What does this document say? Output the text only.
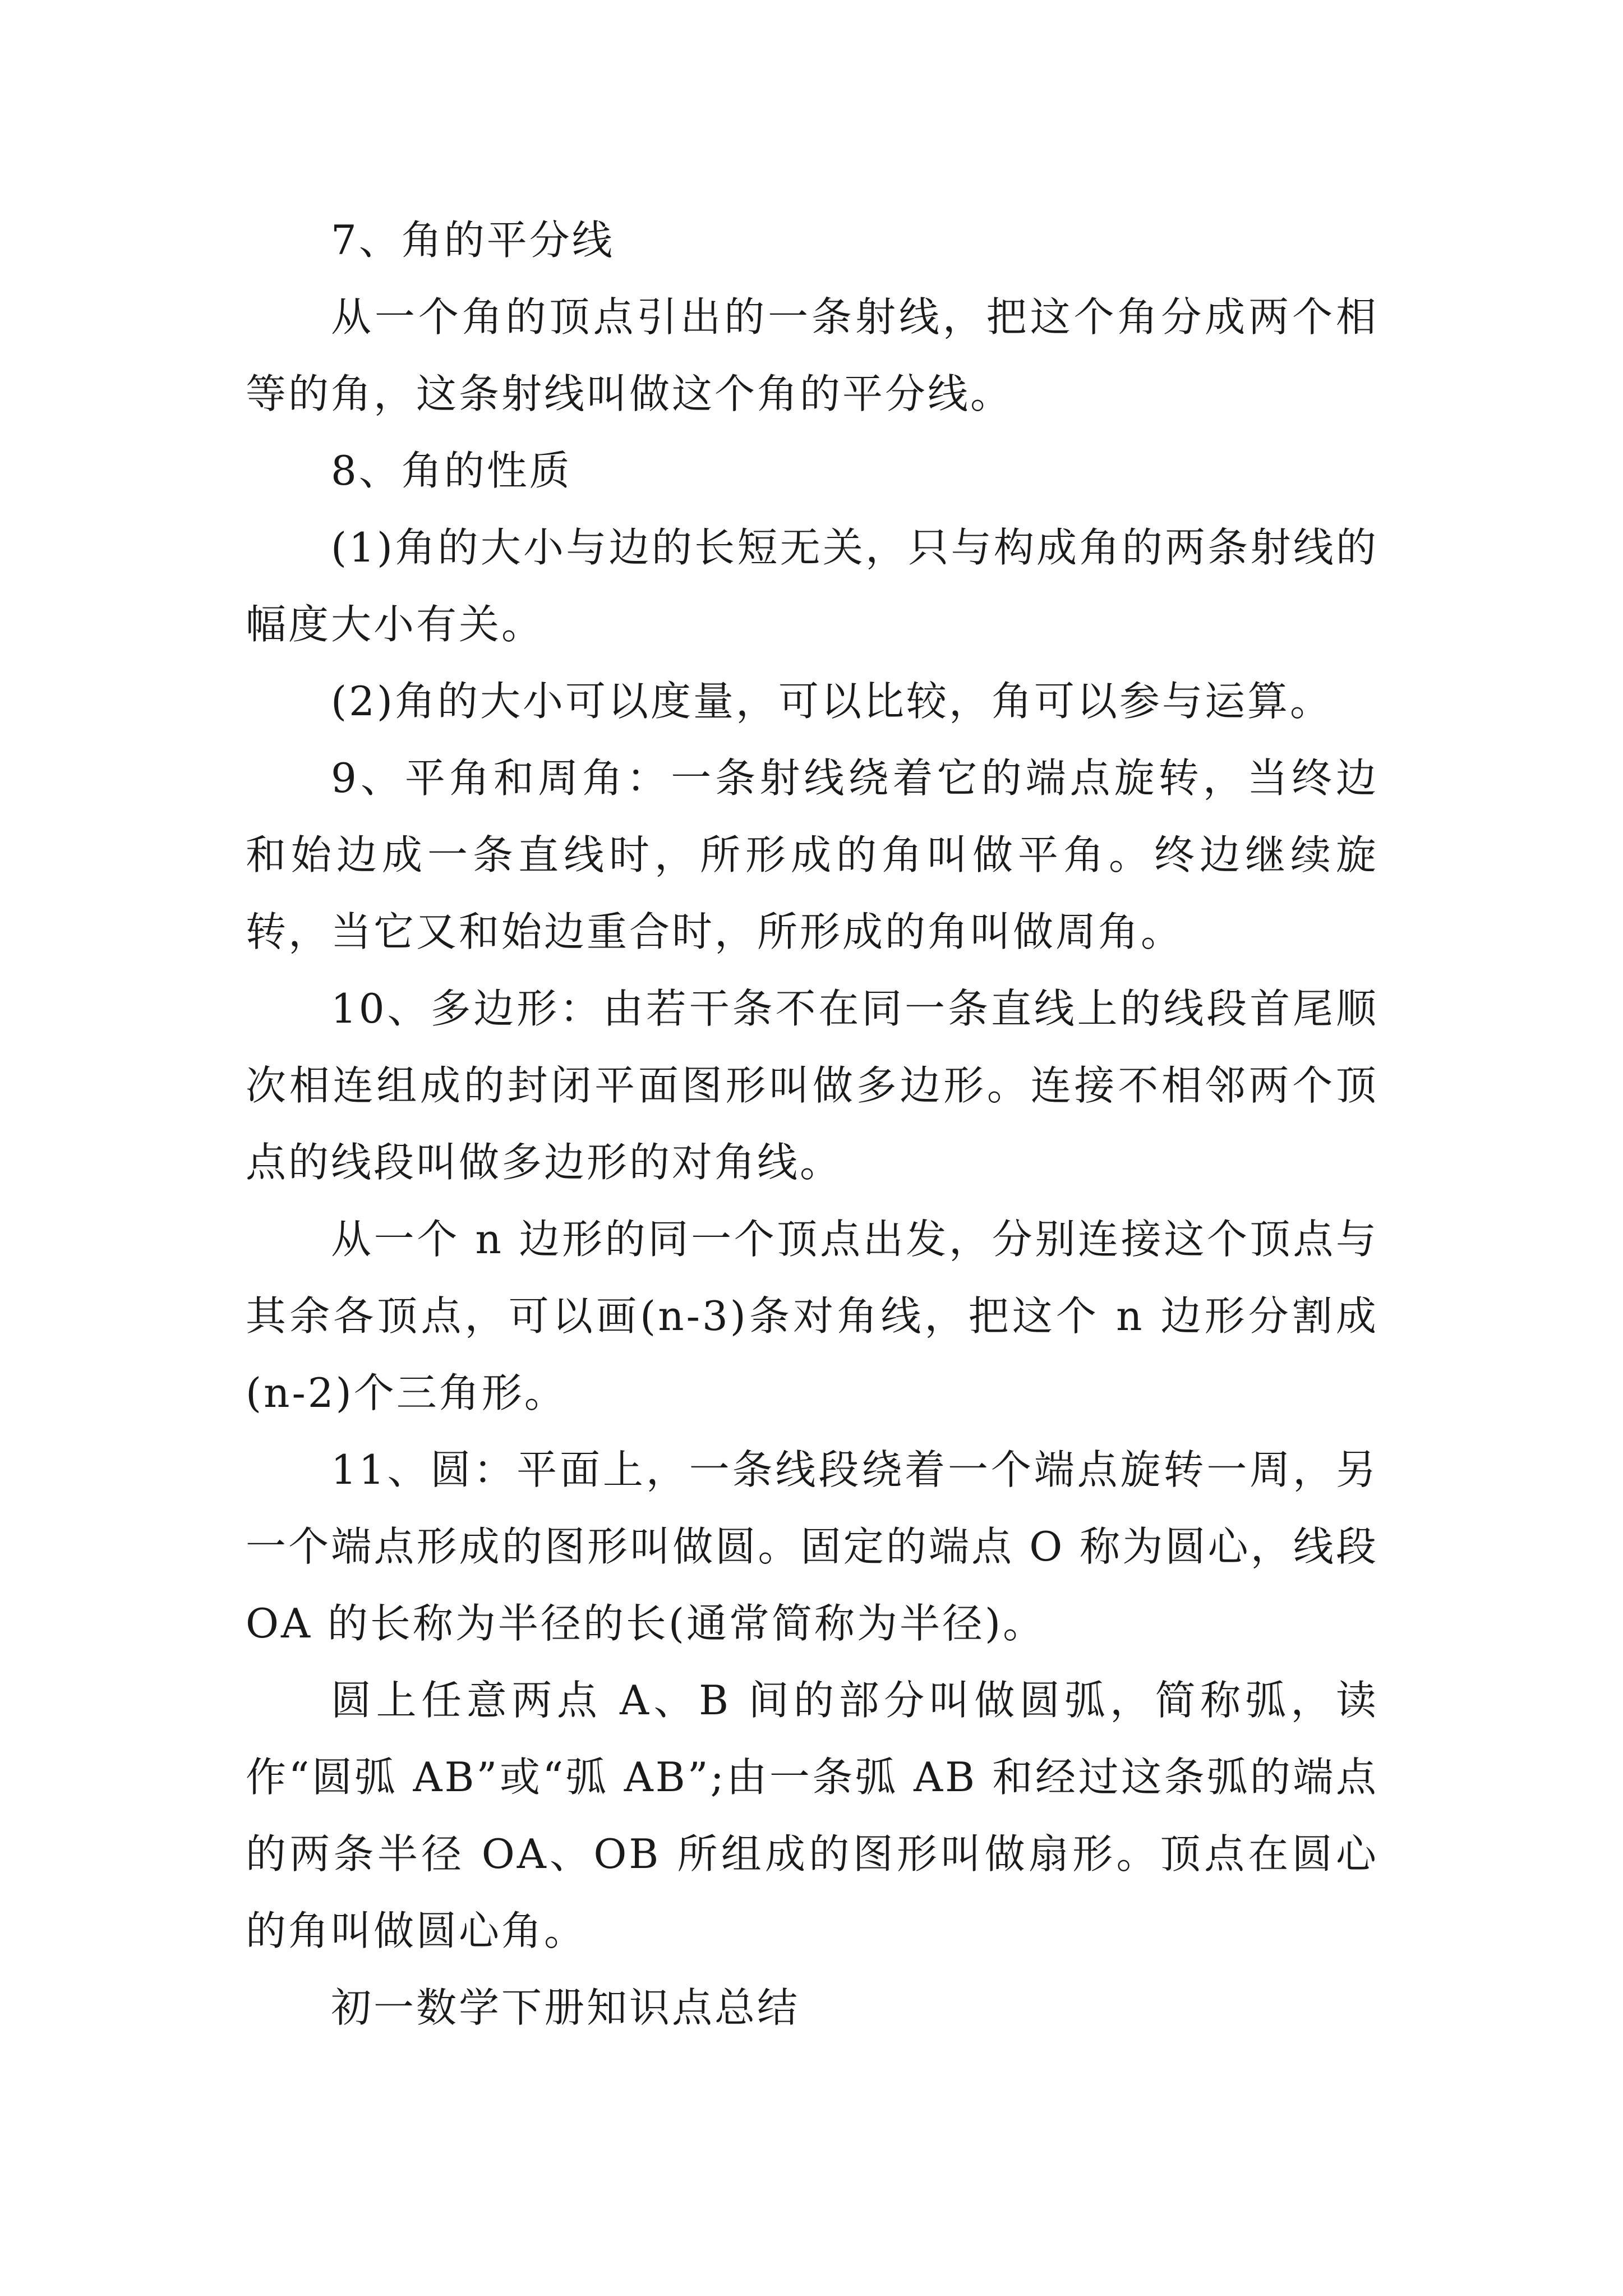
7、角的平分线

从一个角的顶点引出的一条射线，把这个角分成两个相等的角，这条射线叫做这个角的平分线。

8、角的性质

(1)角的大小与边的长短无关，只与构成角的两条射线的幅度大小有关。

(2)角的大小可以度量，可以比较，角可以参与运算。

9、平角和周角：一条射线绕着它的端点旋转，当终边和始边成一条直线时，所形成的角叫做平角。终边继续旋转，当它又和始边重合时，所形成的角叫做周角。

10、多边形：由若干条不在同一条直线上的线段首尾顺次相连组成的封闭平面图形叫做多边形。连接不相邻两个顶点的线段叫做多边形的对角线。

从一个 n 边形的同一个顶点出发，分别连接这个顶点与其余各顶点，可以画(n-3)条对角线，把这个 n 边形分割成(n-2)个三角形。

11、圆：平面上，一条线段绕着一个端点旋转一周，另一个端点形成的图形叫做圆。固定的端点 O 称为圆心，线段OA 的长称为半径的长(通常简称为半径)。

圆上任意两点 A、B 间的部分叫做圆弧，简称弧，读作“圆弧 AB”或“弧 AB”;由一条弧 AB 和经过这条弧的端点的两条半径 OA、OB 所组成的图形叫做扇形。顶点在圆心的角叫做圆心角。

初一数学下册知识点总结
